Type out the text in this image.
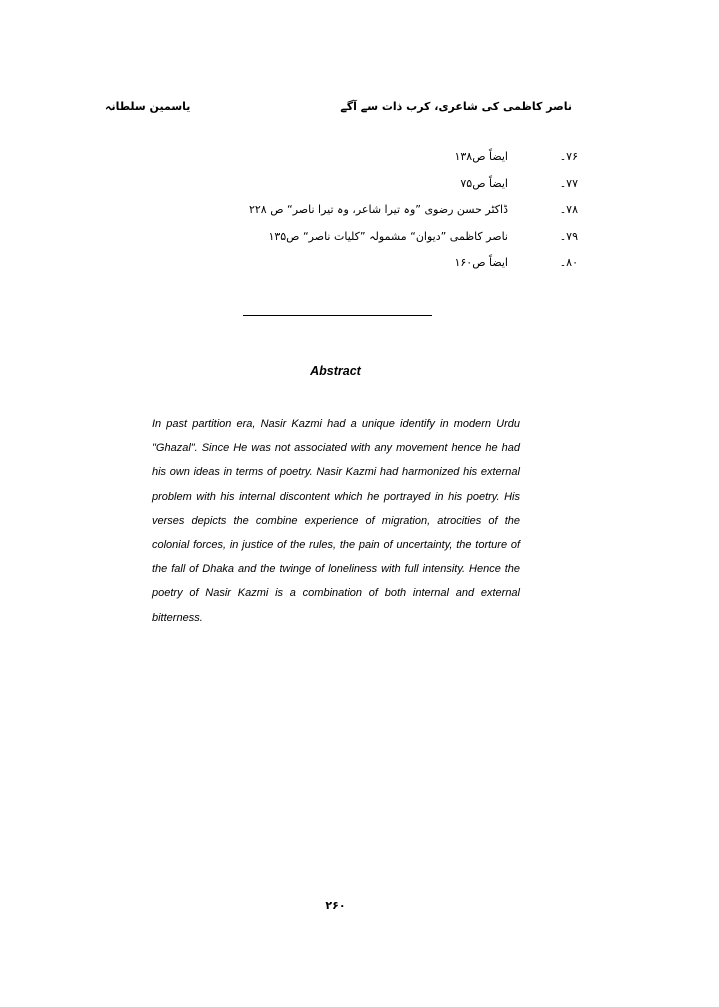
یاسمین سلطانہ	ناصر کاظمی کی شاعری، کرب ذات سے آگے
۷۶۔
ایضاً ص۱۳۸
۷۷۔
ایضاً ص۷۵
۷۸۔
ڈاکٹر حسن رضوی ”وہ تیرا شاعر، وہ تیرا ناصر“ ص ۲۲۸
۷۹۔
ناصر کاظمی ”دیوان“ مشمولہ ”کلیات ناصر“ ص۱۳۵
۸۰۔
ایضاً ص۱۶۰
Abstract
In past partition era, Nasir Kazmi had a unique identify in modern Urdu "Ghazal". Since He was not associated with any movement hence he had his own ideas in terms of poetry. Nasir Kazmi had harmonized his external problem with his internal discontent which he portrayed in his poetry. His verses depicts the combine experience of migration, atrocities of the colonial forces, in justice of the rules, the pain of uncertainty, the torture of the fall of Dhaka and the twinge of loneliness with full intensity. Hence the poetry of Nasir Kazmi is a combination of both internal and external bitterness.
۲۶۰
